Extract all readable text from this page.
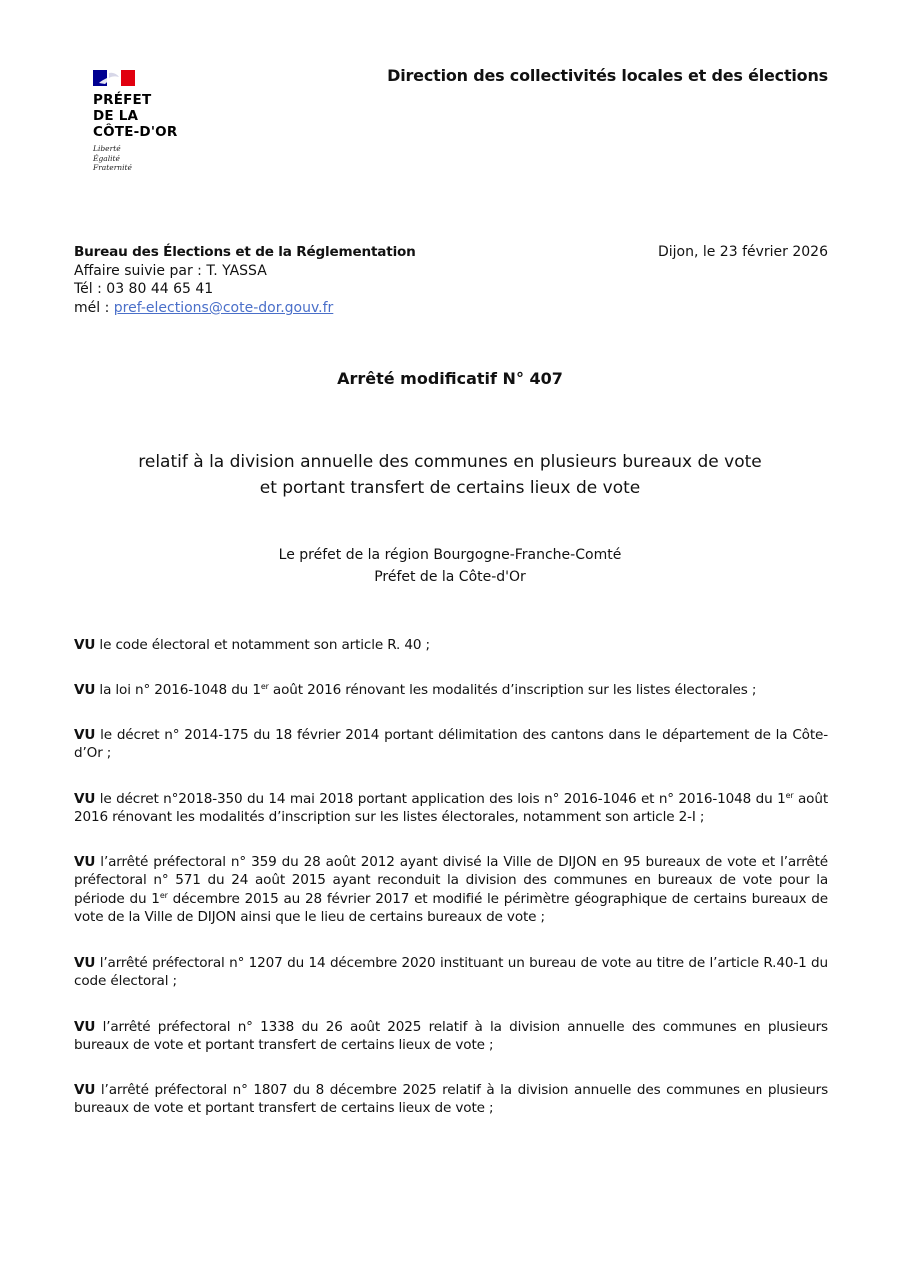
PRÉFET
DE LA
CÔTE-D'OR
Liberté
Égalité
Fraternité
Direction des collectivités locales et des élections
Bureau des Élections et de la Réglementation
Affaire suivie par : T. YASSA
Tél : 03 80 44 65 41
mél : pref-elections@cote-dor.gouv.fr
Dijon, le 23 février 2026
Arrêté modificatif N° 407
relatif à la division annuelle des communes en plusieurs bureaux de vote
et portant transfert de certains lieux de vote
Le préfet de la région Bourgogne-Franche-Comté
Préfet de la Côte-d'Or

VU le code électoral et notamment son article R. 40 ;

VU la loi n° 2016-1048 du 1er août 2016 rénovant les modalités d’inscription sur les listes électorales ;

VU le décret n° 2014-175 du 18 février 2014 portant délimitation des cantons dans le département de la Côte-d’Or ;

VU le décret n°2018-350 du 14 mai 2018 portant application des lois n° 2016-1046 et n° 2016-1048 du 1er août 2016 rénovant les modalités d’inscription sur les listes électorales, notamment son article 2-I ;

VU l’arrêté préfectoral n° 359 du 28 août 2012 ayant divisé la Ville de DIJON en 95 bureaux de vote et l’arrêté préfectoral n° 571 du 24 août 2015 ayant reconduit la division des communes en bureaux de vote pour la période du 1er décembre 2015 au 28 février 2017 et modifié le périmètre géographique de certains bureaux de vote de la Ville de DIJON ainsi que le lieu de certains bureaux de vote ;

VU l’arrêté préfectoral n° 1207 du 14 décembre 2020 instituant un bureau de vote au titre de l’article R.40-1 du code électoral ;

VU l’arrêté préfectoral n° 1338 du 26 août 2025 relatif à la division annuelle des communes en plusieurs bureaux de vote et portant transfert de certains lieux de vote ;

VU l’arrêté préfectoral n° 1807 du 8 décembre 2025 relatif à la division annuelle des communes en plusieurs bureaux de vote et portant transfert de certains lieux de vote ;
